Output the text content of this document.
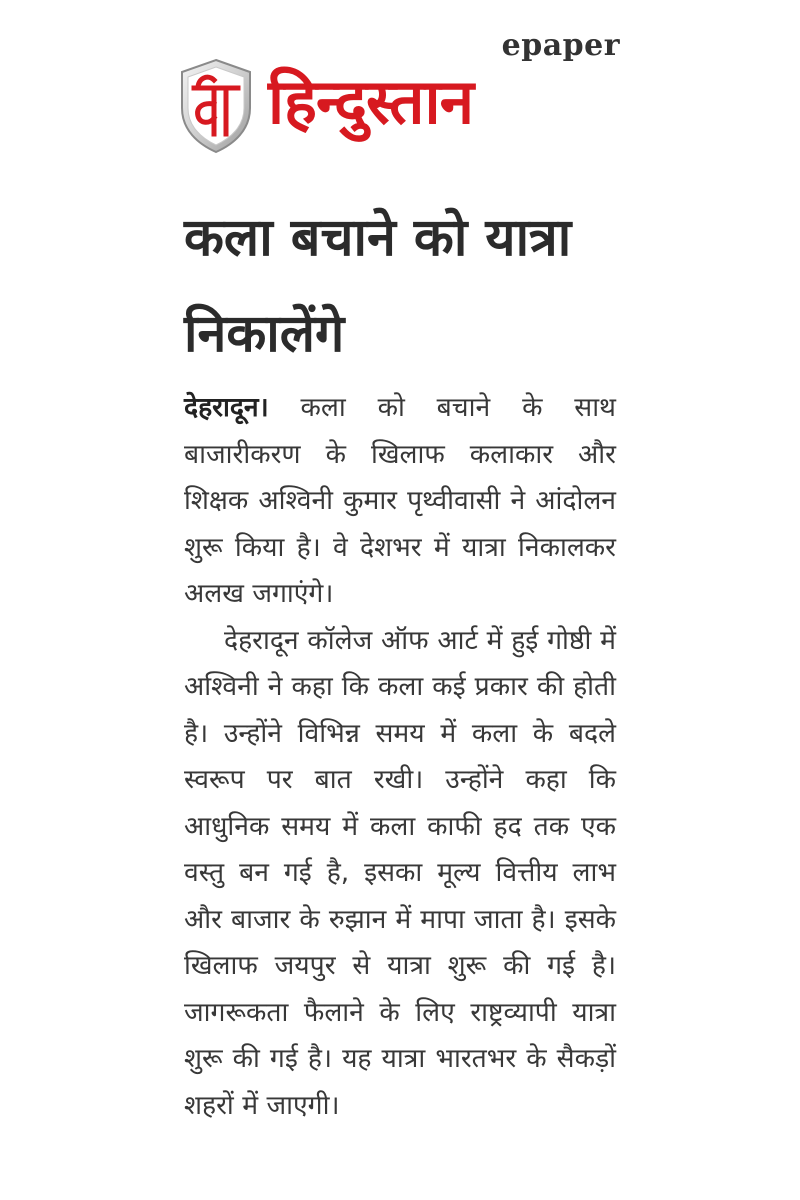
epaper
हिन्दुस्तान
कला बचाने को यात्रा निकालेंगे

देहरादून। कला को बचाने के साथ बाजारीकरण के खिलाफ कलाकार और शिक्षक अश्विनी कुमार पृथ्वीवासी ने आंदोलन शुरू किया है। वे देशभर में यात्रा निकालकर अलख जगाएंगे।

देहरादून कॉलेज ऑफ आर्ट में हुई गोष्ठी में अश्विनी ने कहा कि कला कई प्रकार की होती है। उन्होंने विभिन्न समय में कला के बदले स्वरूप पर बात रखी। उन्होंने कहा कि आधुनिक समय में कला काफी हद तक एक वस्तु बन गई है, इसका मूल्य वित्तीय लाभ और बाजार के रुझान में मापा जाता है। इसके खिलाफ जयपुर से यात्रा शुरू की गई है। जागरूकता फैलाने के लिए राष्ट्रव्यापी यात्रा शुरू की गई है। यह यात्रा भारतभर के सैकड़ों शहरों में जाएगी।
